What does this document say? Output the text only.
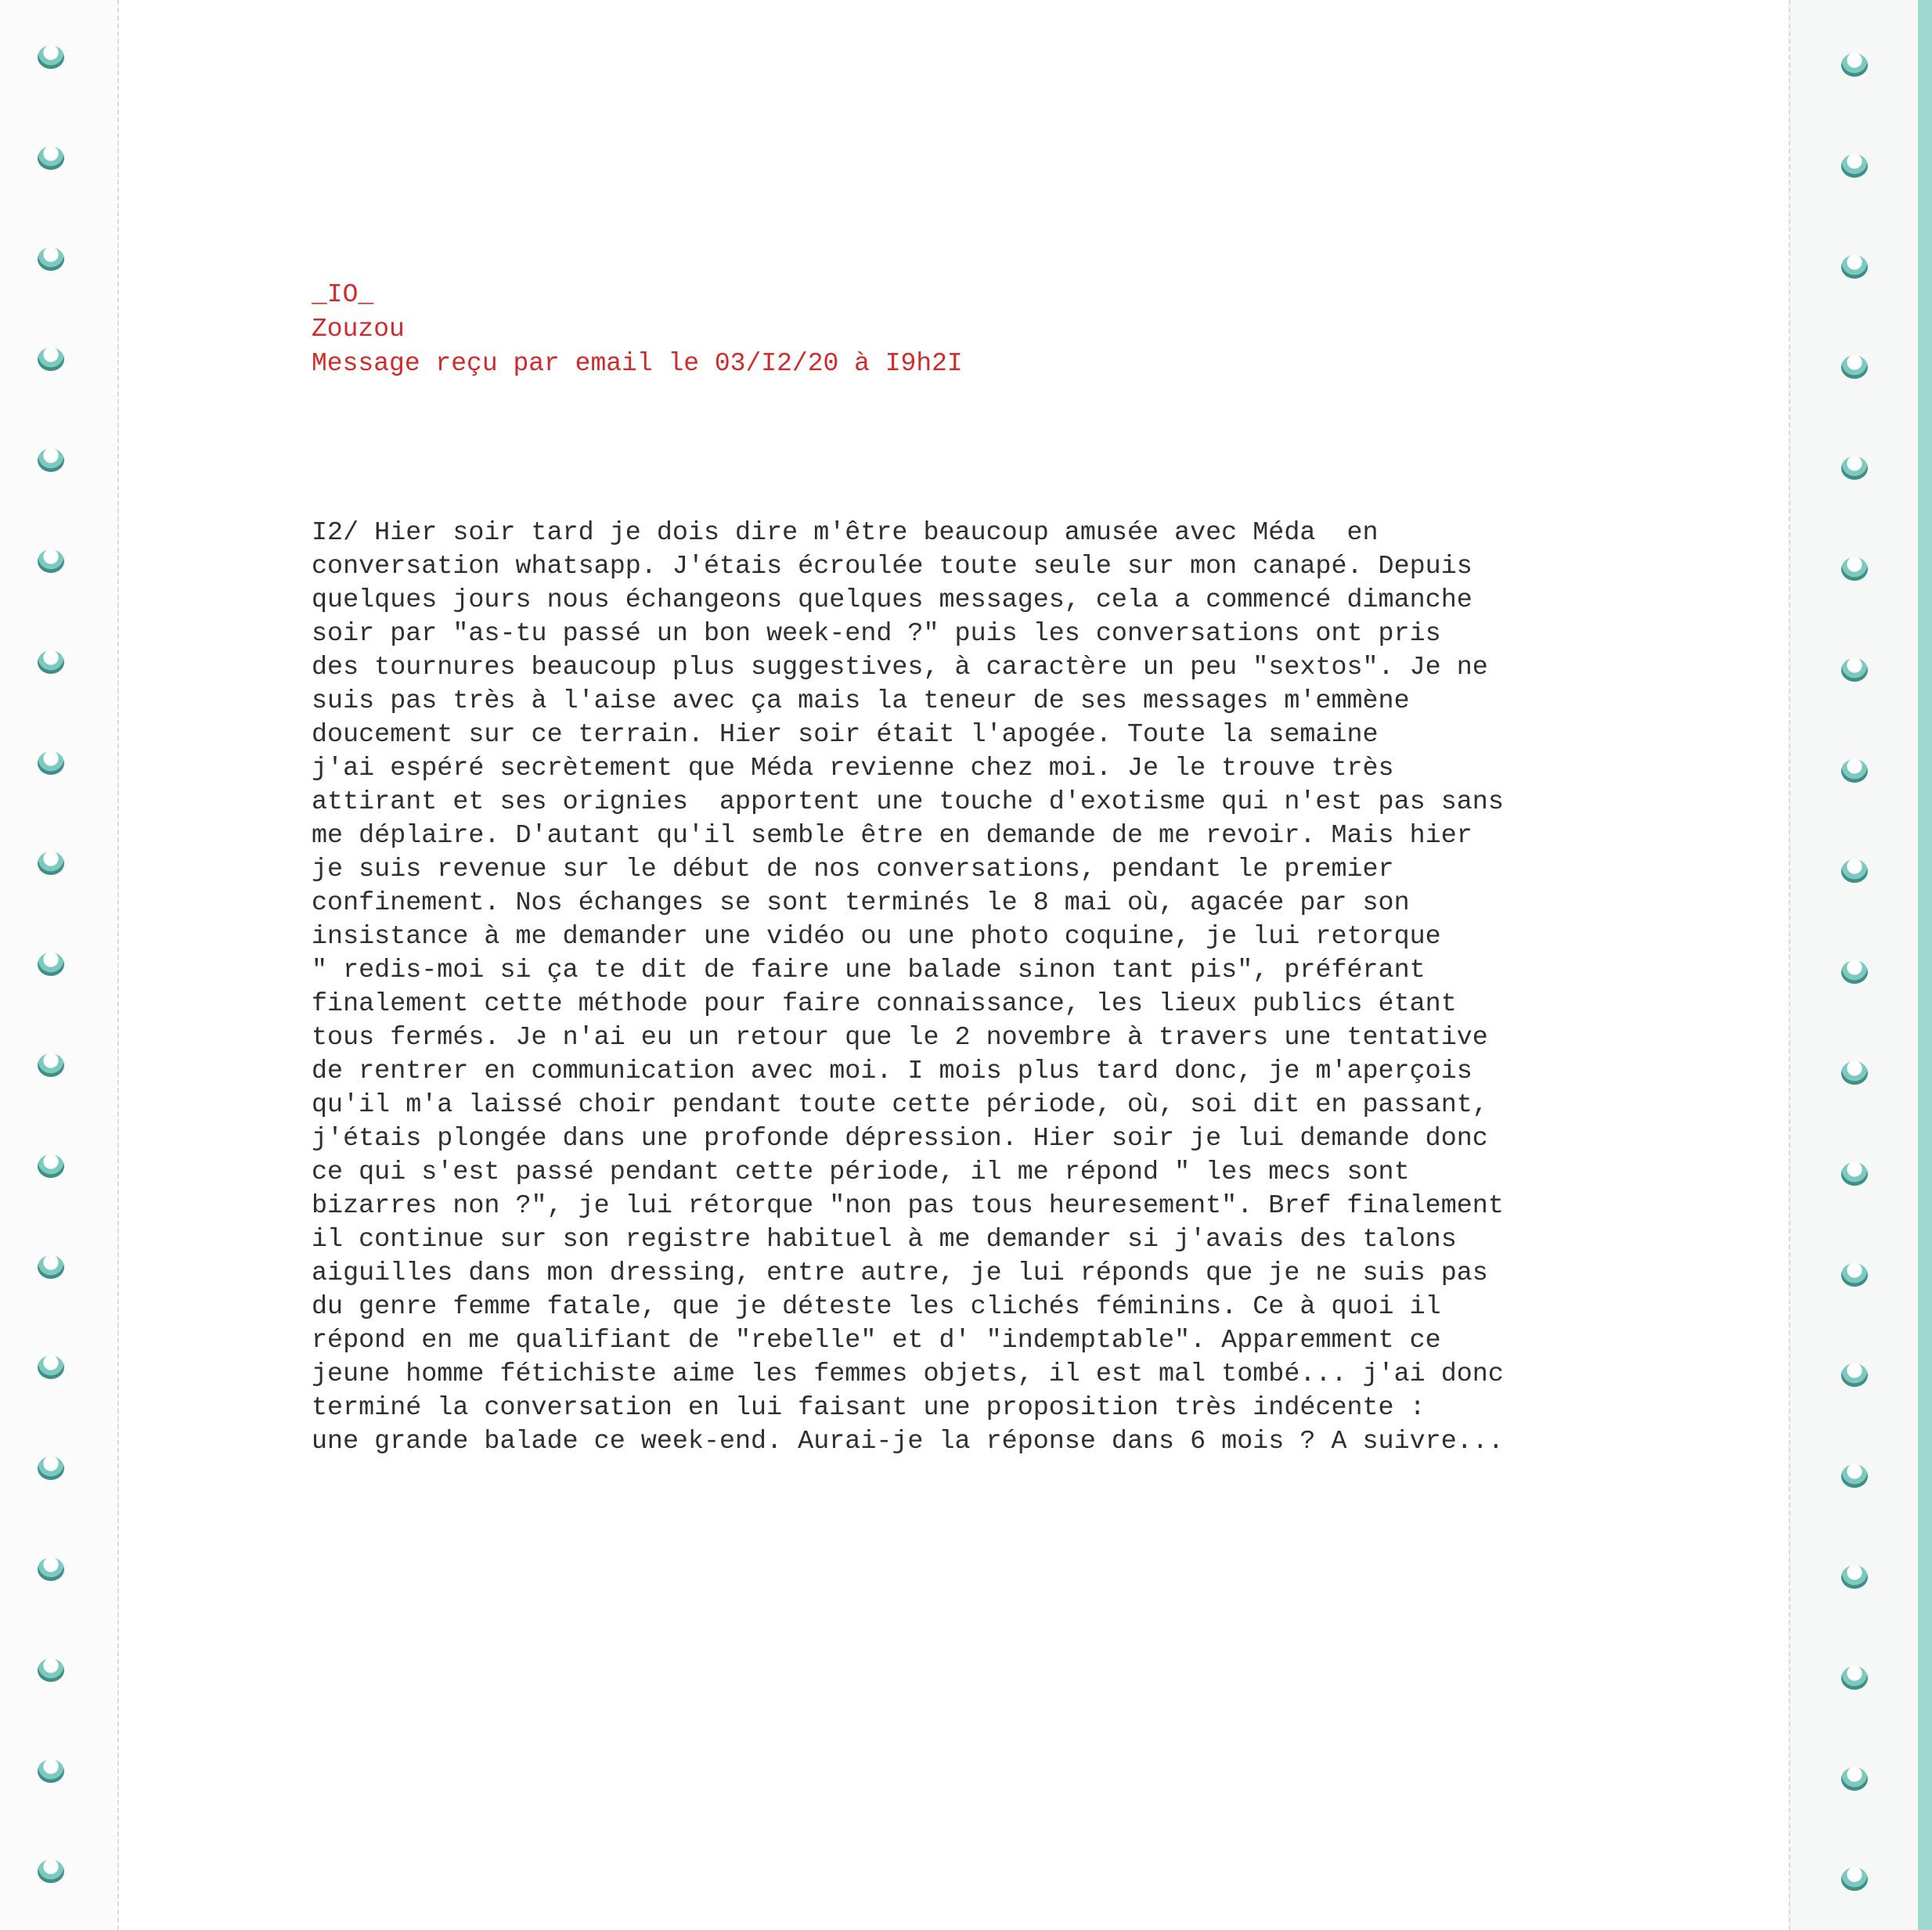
_IO_
Zouzou
Message reçu par email le 03/I2/20 à I9h2I
I2/ Hier soir tard je dois dire m'être beaucoup amusée avec Méda  en
conversation whatsapp. J'étais écroulée toute seule sur mon canapé. Depuis
quelques jours nous échangeons quelques messages, cela a commencé dimanche
soir par "as-tu passé un bon week-end ?" puis les conversations ont pris
des tournures beaucoup plus suggestives, à caractère un peu "sextos". Je ne
suis pas très à l'aise avec ça mais la teneur de ses messages m'emmène
doucement sur ce terrain. Hier soir était l'apogée. Toute la semaine
j'ai espéré secrètement que Méda revienne chez moi. Je le trouve très
attirant et ses orignies  apportent une touche d'exotisme qui n'est pas sans
me déplaire. D'autant qu'il semble être en demande de me revoir. Mais hier
je suis revenue sur le début de nos conversations, pendant le premier
confinement. Nos échanges se sont terminés le 8 mai où, agacée par son
insistance à me demander une vidéo ou une photo coquine, je lui retorque
" redis-moi si ça te dit de faire une balade sinon tant pis", préférant
finalement cette méthode pour faire connaissance, les lieux publics étant
tous fermés. Je n'ai eu un retour que le 2 novembre à travers une tentative
de rentrer en communication avec moi. I mois plus tard donc, je m'aperçois
qu'il m'a laissé choir pendant toute cette période, où, soi dit en passant,
j'étais plongée dans une profonde dépression. Hier soir je lui demande donc
ce qui s'est passé pendant cette période, il me répond " les mecs sont
bizarres non ?", je lui rétorque "non pas tous heuresement". Bref finalement
il continue sur son registre habituel à me demander si j'avais des talons
aiguilles dans mon dressing, entre autre, je lui réponds que je ne suis pas
du genre femme fatale, que je déteste les clichés féminins. Ce à quoi il
répond en me qualifiant de "rebelle" et d' "indemptable". Apparemment ce
jeune homme fétichiste aime les femmes objets, il est mal tombé... j'ai donc
terminé la conversation en lui faisant une proposition très indécente :
une grande balade ce week-end. Aurai-je la réponse dans 6 mois ? A suivre...
